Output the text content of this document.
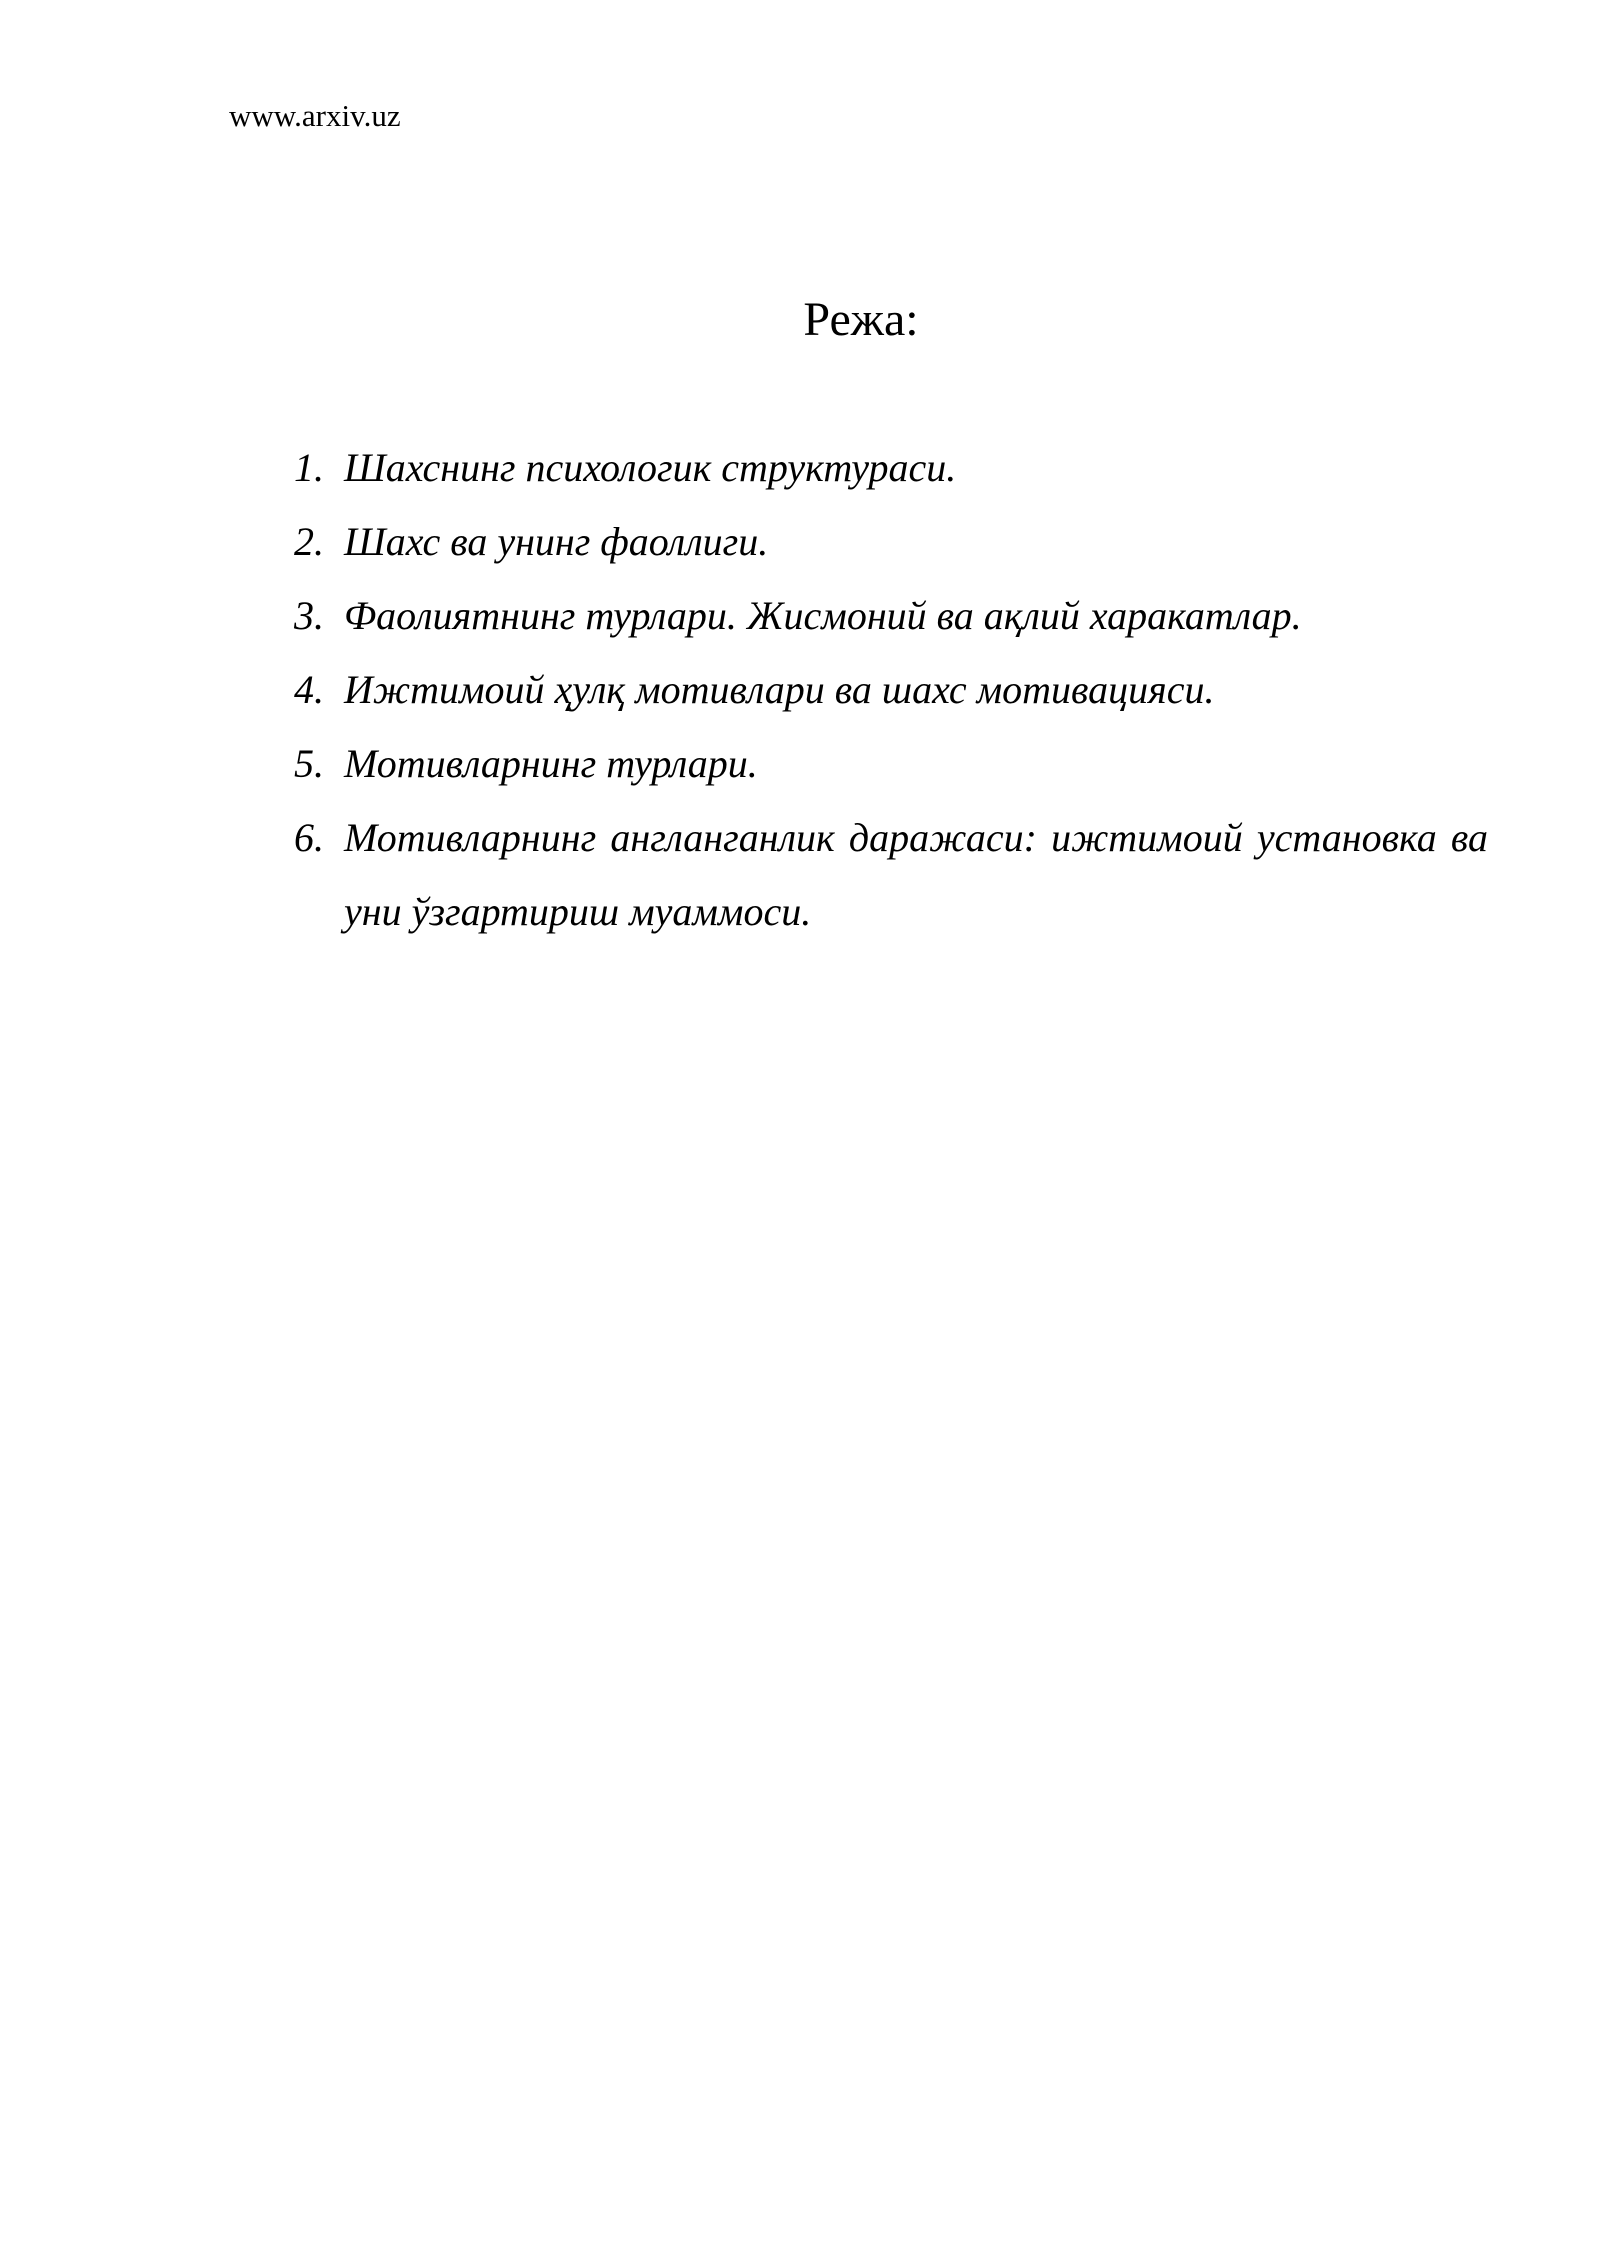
www.arxiv.uz
Режа:
1. Шахснинг психологик структураси.
2. Шахс ва унинг фаоллиги.
3. Фаолиятнинг турлари. Жисмоний ва ақлий харакатлар.
4. Ижтимоий ҳулқ мотивлари ва шахс мотивацияси.
5. Мотивларнинг турлари.
6. Мотивларнинг англанганлик даражаси: ижтимоий установка ва уни ўзгартириш муаммоси.
